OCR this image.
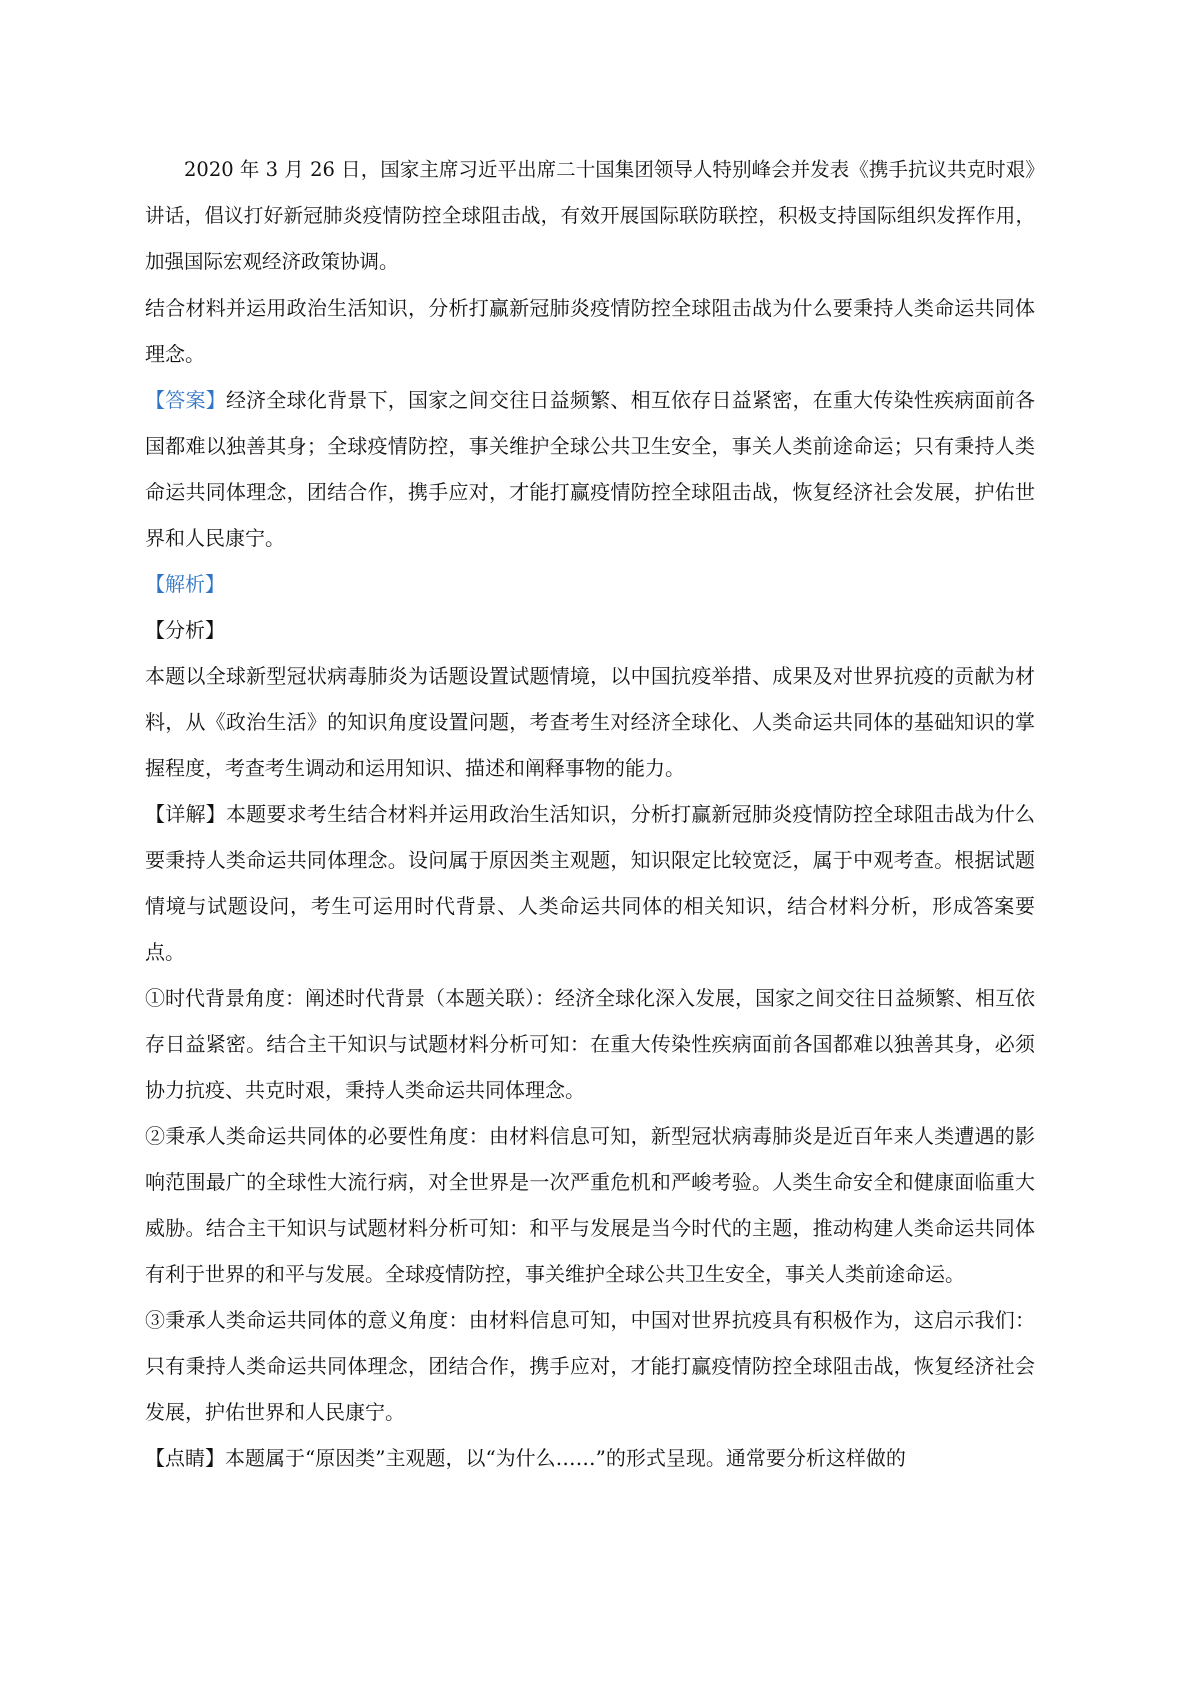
2020 年 3 月 26 日，国家主席习近平出席二十国集团领导人特别峰会并发表《携手抗议共克时艰》讲话，倡议打好新冠肺炎疫情防控全球阻击战，有效开展国际联防联控，积极支持国际组织发挥作用，加强国际宏观经济政策协调。

结合材料并运用政治生活知识，分析打赢新冠肺炎疫情防控全球阻击战为什么要秉持人类命运共同体理念。

【答案】经济全球化背景下，国家之间交往日益频繁、相互依存日益紧密，在重大传染性疾病面前各国都难以独善其身；全球疫情防控，事关维护全球公共卫生安全，事关人类前途命运；只有秉持人类命运共同体理念，团结合作，携手应对，才能打赢疫情防控全球阻击战，恢复经济社会发展，护佑世界和人民康宁。

【解析】

【分析】

本题以全球新型冠状病毒肺炎为话题设置试题情境，以中国抗疫举措、成果及对世界抗疫的贡献为材料，从《政治生活》的知识角度设置问题，考查考生对经济全球化、人类命运共同体的基础知识的掌握程度，考查考生调动和运用知识、描述和阐释事物的能力。

【详解】本题要求考生结合材料并运用政治生活知识，分析打赢新冠肺炎疫情防控全球阻击战为什么要秉持人类命运共同体理念。设问属于原因类主观题，知识限定比较宽泛，属于中观考查。根据试题情境与试题设问，考生可运用时代背景、人类命运共同体的相关知识，结合材料分析，形成答案要点。

①时代背景角度：阐述时代背景（本题关联）：经济全球化深入发展，国家之间交往日益频繁、相互依存日益紧密。结合主干知识与试题材料分析可知：在重大传染性疾病面前各国都难以独善其身，必须协力抗疫、共克时艰，秉持人类命运共同体理念。

②秉承人类命运共同体的必要性角度：由材料信息可知，新型冠状病毒肺炎是近百年来人类遭遇的影响范围最广的全球性大流行病，对全世界是一次严重危机和严峻考验。人类生命安全和健康面临重大威胁。结合主干知识与试题材料分析可知：和平与发展是当今时代的主题，推动构建人类命运共同体有利于世界的和平与发展。全球疫情防控，事关维护全球公共卫生安全，事关人类前途命运。

③秉承人类命运共同体的意义角度：由材料信息可知，中国对世界抗疫具有积极作为，这启示我们：只有秉持人类命运共同体理念，团结合作，携手应对，才能打赢疫情防控全球阻击战，恢复经济社会发展，护佑世界和人民康宁。

【点睛】本题属于“原因类”主观题，以“为什么……”的形式呈现。通常要分析这样做的
